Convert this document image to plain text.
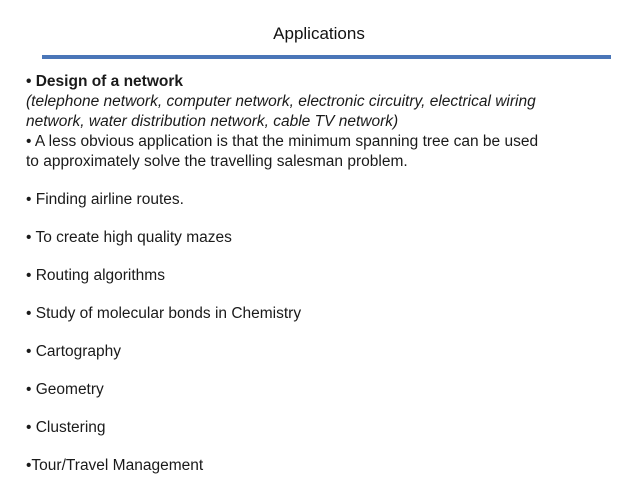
Applications

• Design of a network

(telephone network, computer network, electronic circuitry, electrical wiring

network, water distribution network, cable TV network)

• A less obvious application is that the minimum spanning tree can be used

to approximately solve the travelling salesman problem.

• Finding airline routes.

• To create high quality mazes

• Routing algorithms

• Study of molecular bonds in Chemistry

• Cartography

• Geometry

• Clustering

•Tour/Travel Management
